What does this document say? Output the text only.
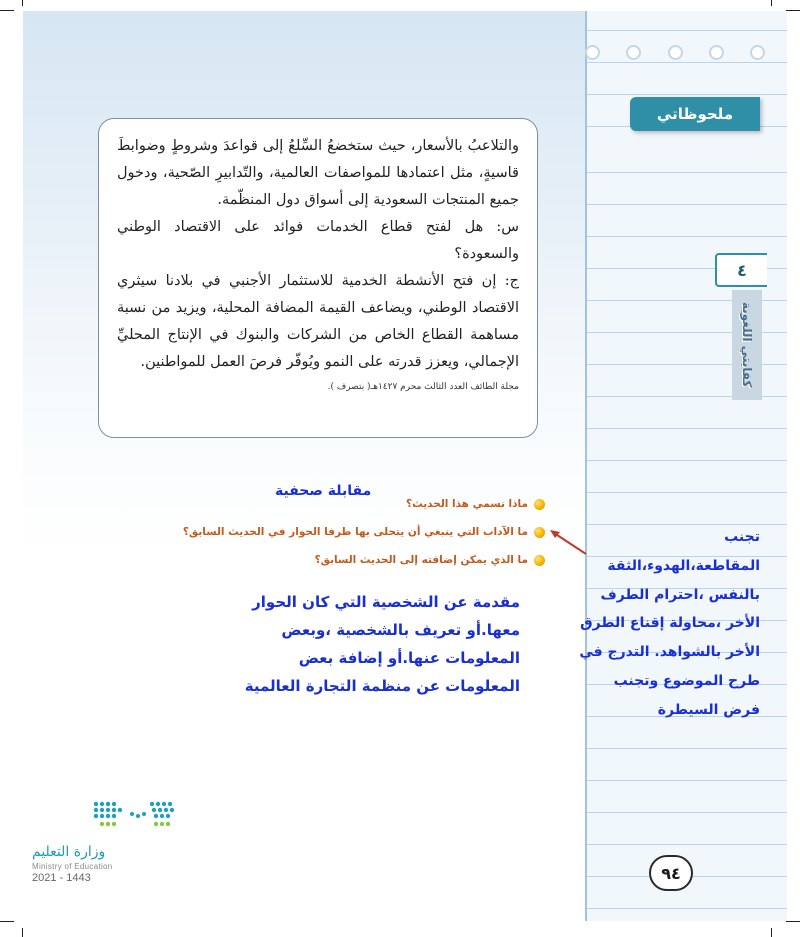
ملحوظاتي
٤
كفايتي اللغوية

والتلاعبُ بالأسعار، حيث ستخضعُ السِّلعُ إلى قواعدَ وشروطٍ وضوابطَ قاسيةٍ، مثل اعتمادها للمواصفات العالمية، والتّدابيرِ الصّحية، ودخول جميع المنتجات السعودية إلى أسواق دول المنظّمة.

س: هل لفتح قطاع الخدمات فوائد على الاقتصاد الوطني والسعودة؟

ج: إن فتح الأنشطة الخدمية للاستثمار الأجنبي في بلادنا سيثري الاقتصاد الوطني، ويضاعف القيمة المضافة المحلية، ويزيد من نسبة مساهمة القطاع الخاص من الشركات والبنوك في الإنتاج المحليِّ الإجمالي، ويعزز قدرته على النمو ويُوفّر فرصَ العمل للمواطنين.

مجلة الطائف العدد الثالث محرم ١٤٢٧هـ( بتصرف ).
مقابلة صحفية
ماذا نسمي هذا الحديث؟
ما الآداب التي ينبغي أن يتحلى بها طرفا الحوار في الحديث السابق؟
ما الذي يمكن إضافته إلى الحديث السابق؟
مقدمة عن الشخصية التي كان الحوار معها.أو تعريف بالشخصية ،وبعض المعلومات عنها.أو إضافة بعض المعلومات عن منظمة التجارة العالمية
تجنب المقاطعة،الهدوء،الثقة بالنفس ،احترام الطرف الأخر ،محاولة إقناع الطرق الأخر بالشواهد. التدرج في طرح الموضوع وتجنب فرض السيطرة
وزارة التعليم
Ministry of Education
2021 - 1443	٩٤
